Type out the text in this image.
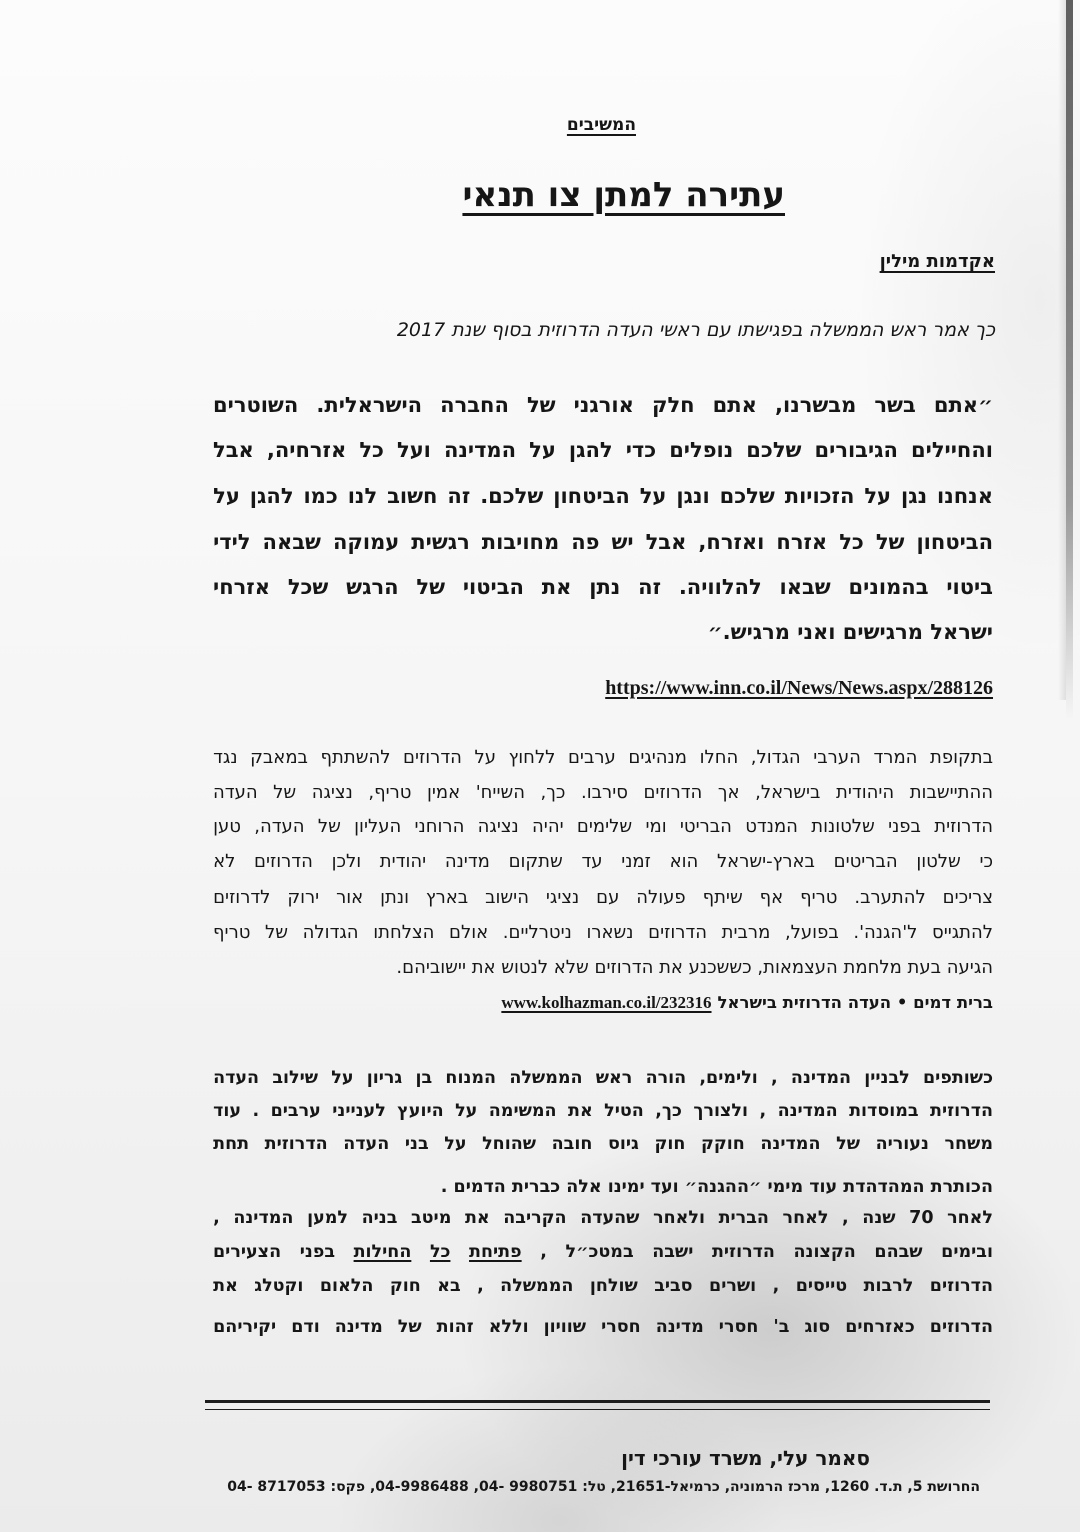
המשיבים
עתירה למתן צו תנאי
אקדמות מילין
כך אמר ראש הממשלה בפגישתו עם ראשי העדה הדרוזית בסוף שנת 2017
״אתם
בשר
מבשרנו,
אתם
חלק
אורגני
של
החברה
הישראלית.
השוטרים
והחיילים
הגיבורים
שלכם
נופלים
כדי
להגן
על
המדינה
ועל
כל
אזרחיה,
אבל
אנחנו
נגן
על
הזכויות
שלכם
ונגן
על
הביטחון
שלכם.
זה
חשוב
לנו
כמו
להגן
על
הביטחון
של
כל
אזרח
ואזרח,
אבל
יש
פה
מחויבות
רגשית
עמוקה
שבאה
לידי
ביטוי
בהמונים
שבאו
להלוויה.
זה
נתן
את
הביטוי
של
הרגש
שכל
אזרחי
ישראל מרגישים ואני מרגיש.״
https://www.inn.co.il/News/News.aspx/288126
בתקופת
המרד
הערבי
הגדול,
החלו
מנהיגים
ערבים
ללחוץ
על
הדרוזים
להשתתף
במאבק
נגד
ההתיישבות
היהודית
בישראל,
אך
הדרוזים
סירבו.
כך,
השייח'
אמין
טריף,
נציגה
של
העדה
הדרוזית
בפני
שלטונות
המנדט
הבריטי
ומי
שלימים
יהיה
נציגה
הרוחני
העליון
של
העדה,
טען
כי
שלטון
הבריטים
בארץ-ישראל
הוא
זמני
עד
שתקום
מדינה
יהודית
ולכן
הדרוזים
לא
צריכים
להתערב.
טריף
אף
שיתף
פעולה
עם
נציגי
הישוב
בארץ
ונתן
אור
ירוק
לדרוזים
להתגייס
ל'הגנה'.
בפועל,
מרבית
הדרוזים
נשארו
ניטרליים.
אולם
הצלחתו
הגדולה
של
טריף
הגיעה בעת מלחמת העצמאות, כששכנע את הדרוזים שלא לנטוש את יישוביהם.
ברית דמים • העדה הדרוזית בישראלwww.kolhazman.co.il/232316
כשותפים
לבניין
המדינה
,
ולימים,
הורה
ראש
הממשלה
המנוח
בן
גריון
על
שילוב
העדה
הדרוזית
במוסדות
המדינה
,
ולצורך
כך,
הטיל
את
המשימה
על
היועץ
לענייני
ערבים
.
עוד
משחר
נעוריה
של
המדינה
חוקק
חוק
גיוס
חובה
שהוחל
על
בני
העדה
הדרוזית
תחת
הכותרת המהדהדת עוד מימי ״ההגנה״ ועד ימינו אלה כברית הדמים .
לאחר
70
שנה
,
לאחר
הברית
ולאחר
שהעדה
הקריבה
את
מיטב
בניה
למען
המדינה
,
ובימים
שבהם
הקצונה
הדרוזית
ישבה
במטכ״ל
,
פתיחת
כל
החילות
בפני
הצעירים
הדרוזים
לרבות
טייסים
,
ושרים
סביב
שולחן
הממשלה
,
בא
חוק
הלאום
וקטלג
את
הדרוזים
כאזרחים
סוג
ב'
חסרי
מדינה
חסרי
שוויון
וללא
זהות
של
מדינה
ודם
יקיריהם
סאמר עלי, משרד עורכי דין
החרושת 5, ת.ד. 1260, מרכז הרמוניה, כרמיאל-21651, טל: 9980751 -04, 04-9986488, פקס: 8717053 -04
